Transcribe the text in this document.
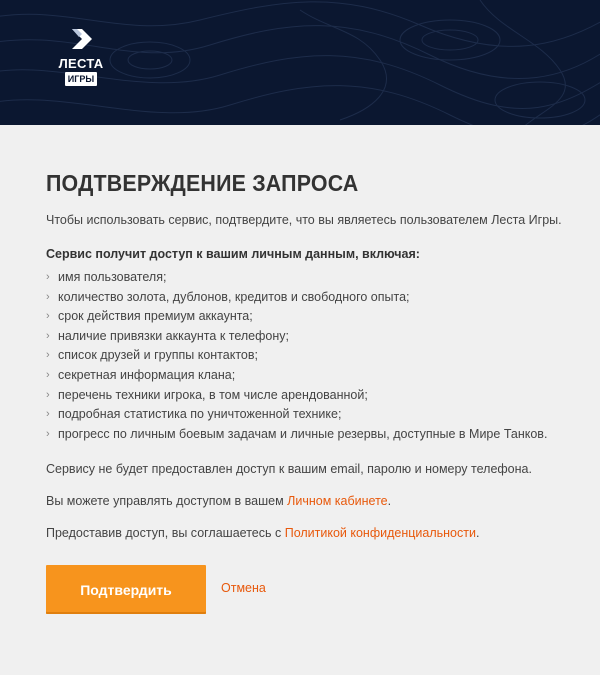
ЛЕСТА
ИГРЫ
ПОДТВЕРЖДЕНИЕ ЗАПРОСА
Чтобы использовать сервис, подтвердите, что вы являетесь пользователем Леста Игры.
Сервис получит доступ к вашим личным данным, включая:
› имя пользователя;
› количество золота, дублонов, кредитов и свободного опыта;
› срок действия премиум аккаунта;
› наличие привязки аккаунта к телефону;
› список друзей и группы контактов;
› секретная информация клана;
› перечень техники игрока, в том числе арендованной;
› подробная статистика по уничтоженной технике;
› прогресс по личным боевым задачам и личные резервы, доступные в Мире Танков.
Сервису не будет предоставлен доступ к вашим email, паролю и номеру телефона.
Вы можете управлять доступом в вашем Личном кабинете.
Предоставив доступ, вы соглашаетесь с Политикой конфиденциальности.
Подтвердить	Отмена
